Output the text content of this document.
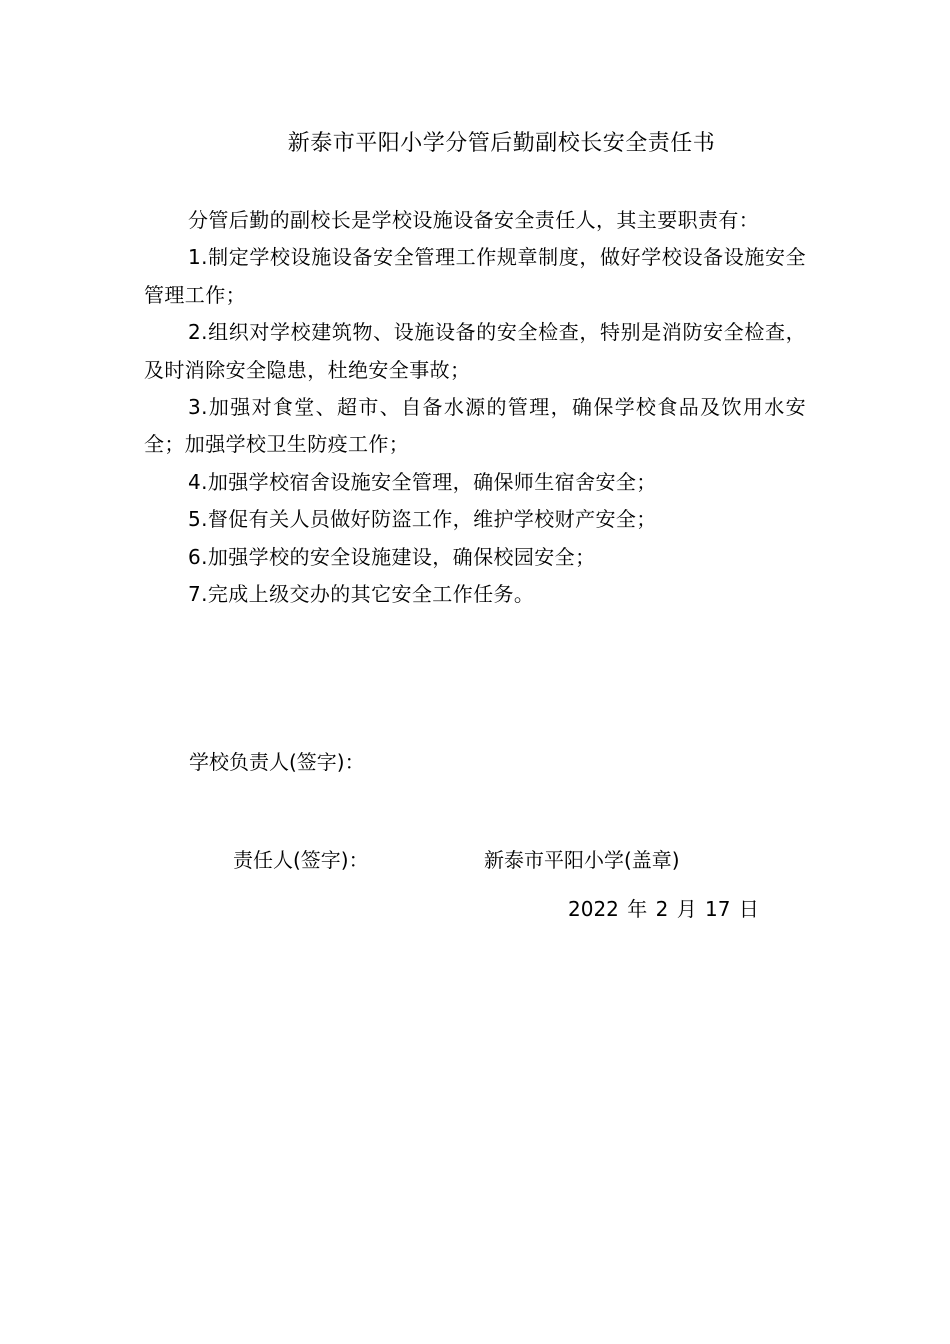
新泰市平阳小学分管后勤副校长安全责任书

分管后勤的副校长是学校设施设备安全责任人，其主要职责有：

1.制定学校设施设备安全管理工作规章制度，做好学校设备设施安全管理工作；

2.组织对学校建筑物、设施设备的安全检查，特别是消防安全检查，及时消除安全隐患，杜绝安全事故；

3.加强对食堂、超市、自备水源的管理，确保学校食品及饮用水安全；加强学校卫生防疫工作；

4.加强学校宿舍设施安全管理，确保师生宿舍安全；

5.督促有关人员做好防盗工作，维护学校财产安全；

6.加强学校的安全设施建设，确保校园安全；

7.完成上级交办的其它安全工作任务。

学校负责人(签字)：
责任人(签字)：	新泰市平阳小学(盖章)
2022 年 2 月 17 日
